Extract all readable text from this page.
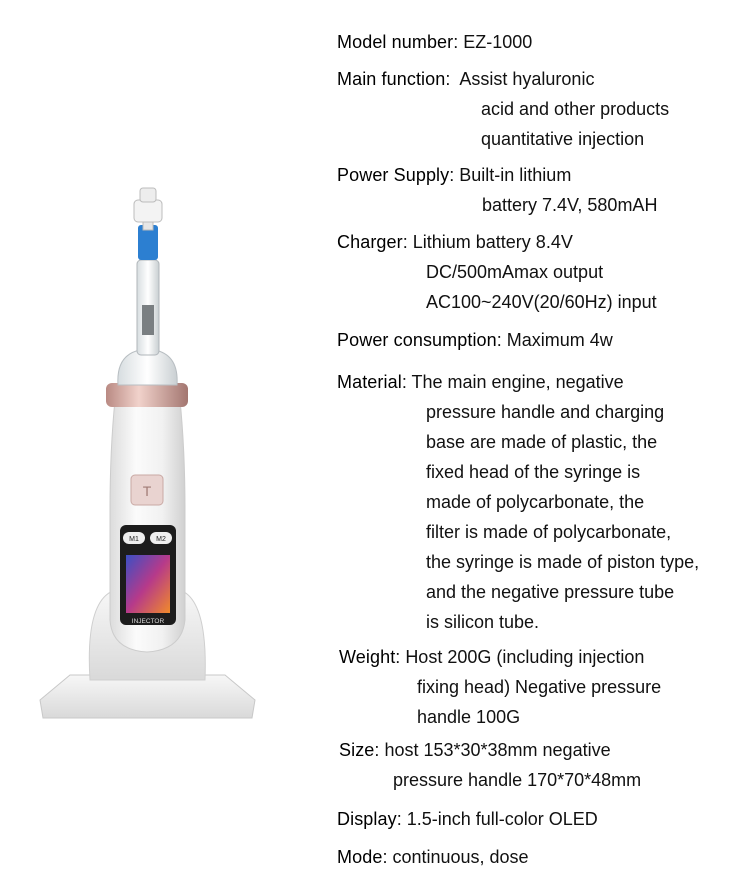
T
M1 M2
INJECTOR
Model number: EZ-1000
Main function:  Assist hyaluronic
acid and other products
quantitative injection
Power Supply: Built-in lithium
battery 7.4V, 580mAH
Charger: Lithium battery 8.4V
DC/500mAmax output
AC100~240V(20/60Hz) input
Power consumption: Maximum 4w
Material: The main engine, negative
pressure handle and charging
base are made of plastic, the
fixed head of the syringe is
made of polycarbonate, the
filter is made of polycarbonate,
the syringe is made of piston type,
and the negative pressure tube
is silicon tube.
Weight: Host 200G (including injection
fixing head) Negative pressure
handle 100G
Size: host 153*30*38mm negative
pressure handle 170*70*48mm
Display: 1.5-inch full-color OLED
Mode: continuous, dose
